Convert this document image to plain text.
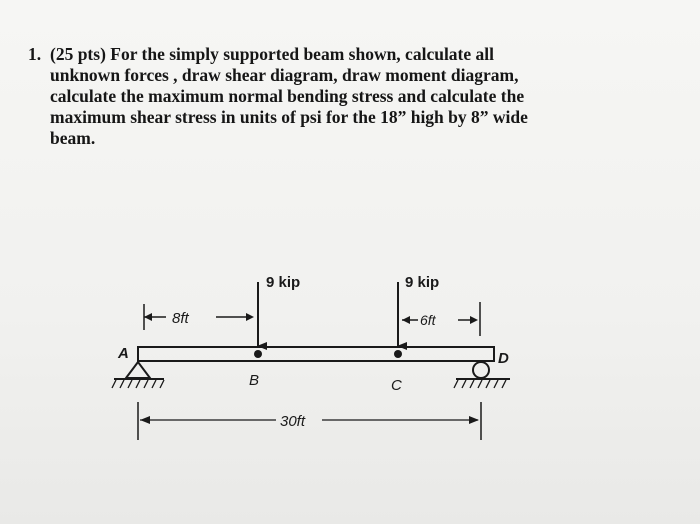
1. (25 pts) For the simply supported beam shown, calculate all
unknown forces , draw shear diagram, draw moment diagram,
calculate the maximum normal bending stress and calculate the
maximum shear stress in units of psi for the 18” high by 8” wide
beam.
9 kip	9 kip
8ft	6ft
A	D
B	C
30ft
